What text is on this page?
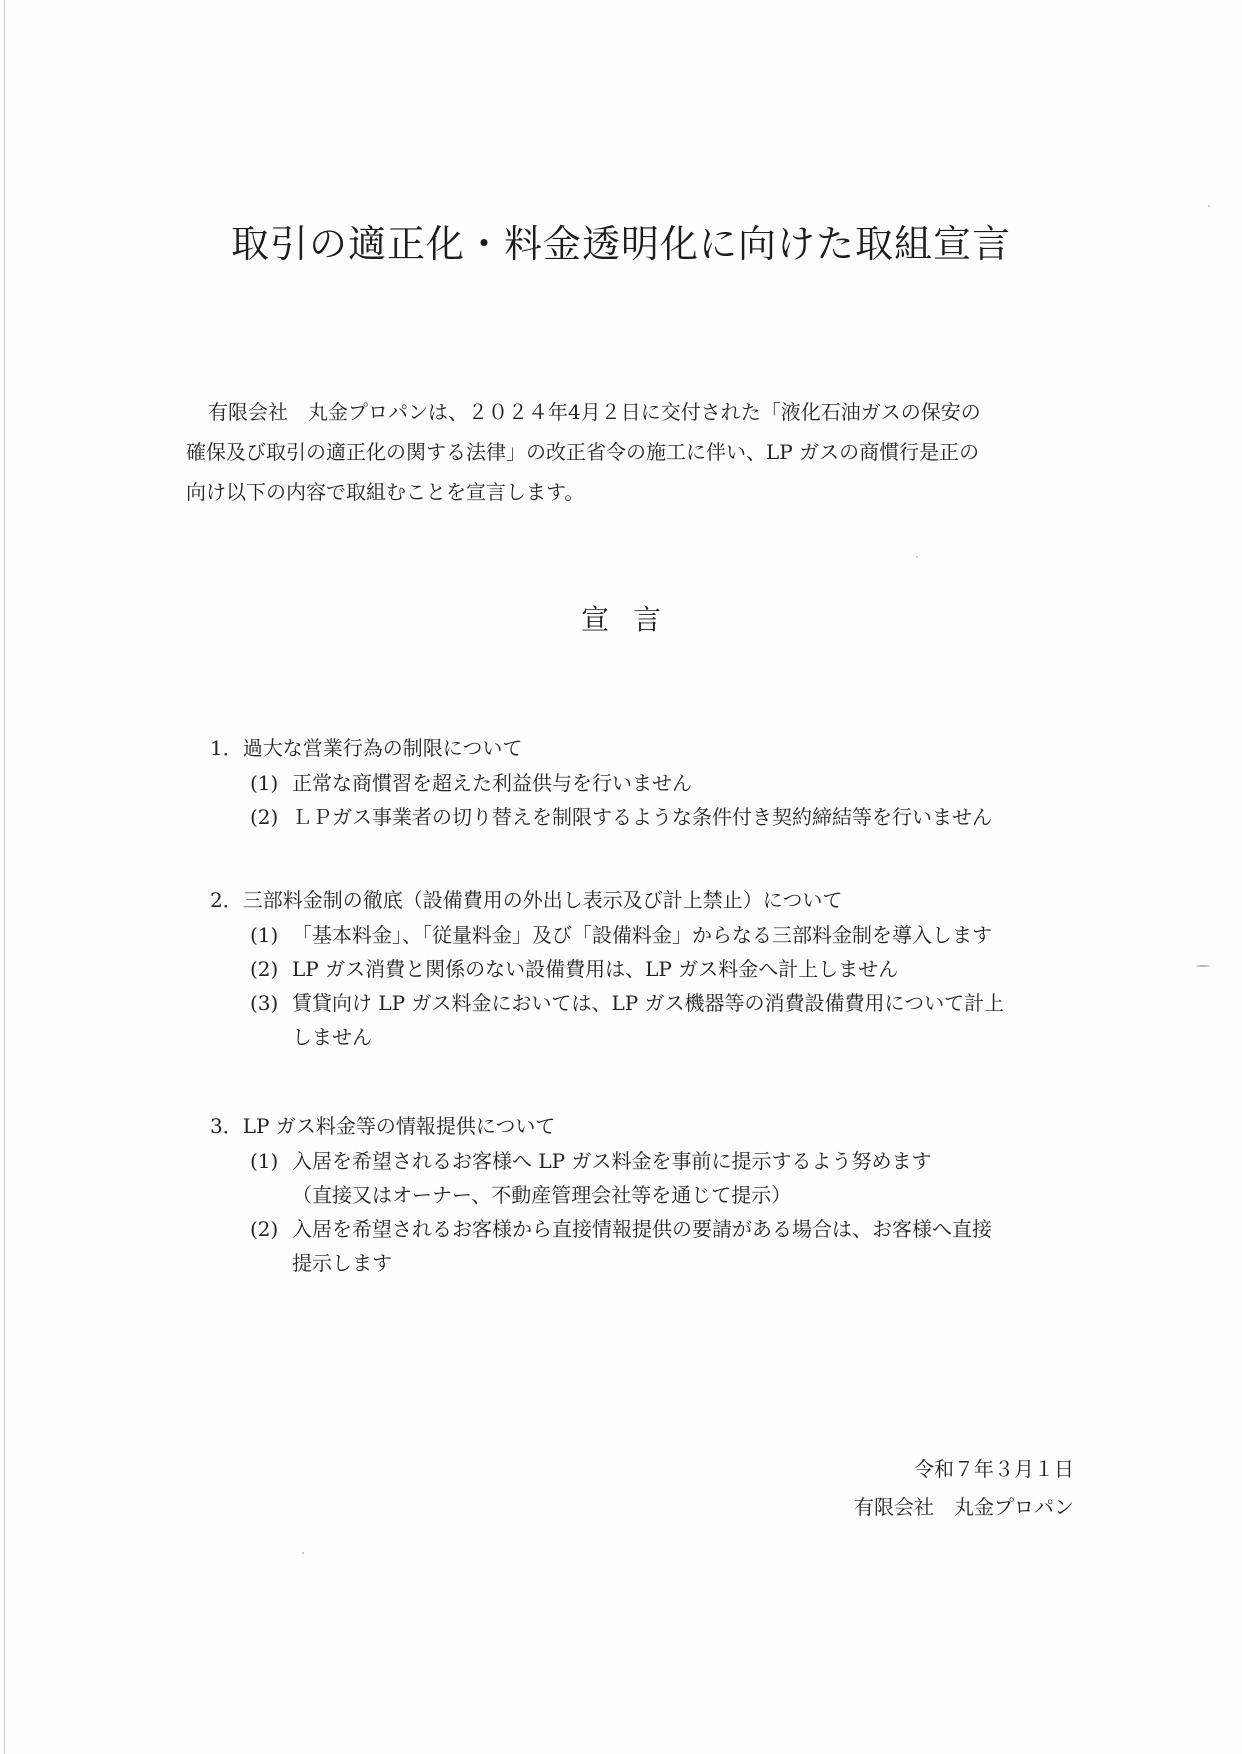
取引の適正化・料金透明化に向けた取組宣言

有限会社　丸金プロパンは、２０２４年4月２日に交付された「液化石油ガスの保安の

確保及び取引の適正化の関する法律」の改正省令の施工に伴い、LP ガスの商慣行是正の

向け以下の内容で取組むことを宣言します。

宣 言
1．過大な営業行為の制限について
(1) 正常な商慣習を超えた利益供与を行いません
(2) ＬＰガス事業者の切り替えを制限するような条件付き契約締結等を行いません
2．三部料金制の徹底（設備費用の外出し表示及び計上禁止）について
(1) 「基本料金」、「従量料金」及び「設備料金」からなる三部料金制を導入します
(2) LP ガス消費と関係のない設備費用は、LP ガス料金へ計上しません
(3) 賃貸向け LP ガス料金においては、LP ガス機器等の消費設備費用について計上
しません
3．LP ガス料金等の情報提供について
(1) 入居を希望されるお客様へ LP ガス料金を事前に提示するよう努めます
（直接又はオーナー、不動産管理会社等を通じて提示）
(2) 入居を希望されるお客様から直接情報提供の要請がある場合は、お客様へ直接
提示します
令和７年３月１日
有限会社　丸金プロパン
